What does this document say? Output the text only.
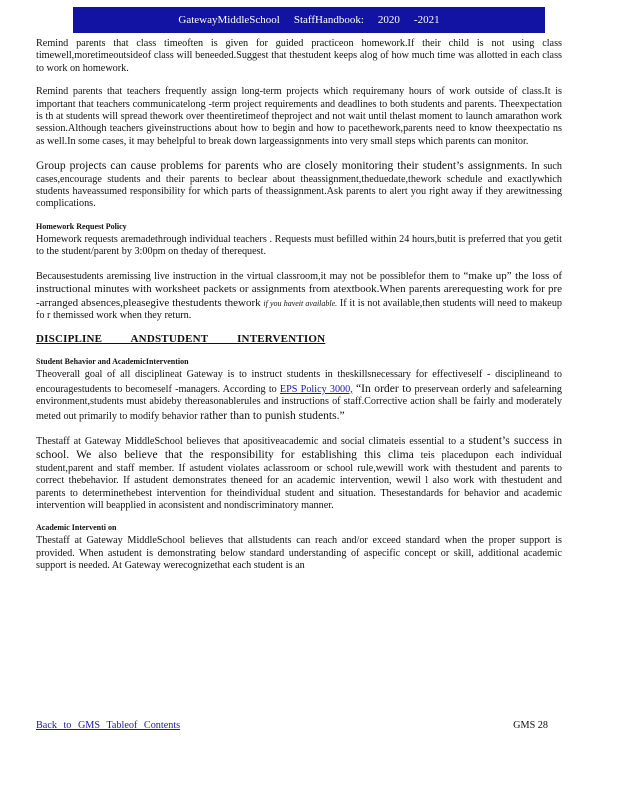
GatewayMiddleSchool StaffHandbook: 2020 -2021

Remind parents that class timeoften is given for guided practiceon homework.If their child is not using class timewell,moretimeoutsideof class will beneeded.Suggest that thestudent keeps alog of how much time was allotted in each class to work on homework.

Remind parents that teachers frequently assign long-term projects which requiremany hours of work outside of class.It is important that teachers communicatelong -term project requirements and deadlines to both students and parents. Theexpectation is th at students will spread thework over theentiretimeof theproject and not wait until thelast moment to launch amarathon work session.Although teachers giveinstructions about how to begin and how to pacethework,parents need to know theexpectatio ns as well.In some cases, it may behelpful to break down largeassignments into very small steps which parents can monitor.

Group projects can cause problems for parents who are closely monitoring their student’s assignments. In such cases,encourage students and their parents to beclear about theassignment,theduedate,thework schedule and exactlywhich students haveassumed responsibility for which parts of theassignment.Ask parents to alert you right away if they arewitnessing complications.

Homework Request Policy

Homework requests aremadethrough individual teachers . Requests must befilled within 24 hours,butit is preferred that you getit to the student/parent by 3:00pm on theday of therequest.

Becausestudents aremissing live instruction in the virtual classroom,it may not be possiblefor them to “make up” the loss of instructional minutes with worksheet packets or assignments from atextbook.When parents arerequesting work for pre -arranged absences,pleasegive thestudents thework if you haveit available. If it is not available,then students will need to makeup fo r themissed work when they return.

DISCIPLINE ANDSTUDENT INTERVENTION
Student Behavior and AcademicIntervention

Theoverall goal of all disciplineat Gateway is to instruct students in theskillsnecessary for effectiveself - disciplineand to encouragestudents to becomeself -managers. According to EPS Policy 3000, “In order to preservean orderly and safelearning environment,students must abideby thereasonablerules and instructions of staff.Corrective action shall be fairly and moderately meted out primarily to modify behavior rather than to punish students.”

Thestaff at Gateway MiddleSchool believes that apositiveacademic and social climateis essential to a student’s success in school. We also believe that the responsibility for establishing this clima teis placedupon each individual student,parent and staff member. If astudent violates aclassroom or school rule,wewill work with thestudent and parents to correct thebehavior. If astudent demonstrates theneed for an academic intervention, wewil l also work with thestudent and parents to determinethebest intervention for theindividual student and situation. Thesestandards for behavior and academic intervention will beapplied in aconsistent and nondiscriminatory manner.

Academic Interventi on

Thestaff at Gateway MiddleSchool believes that allstudents can reach and/or exceed standard when the proper support is provided. When astudent is demonstrating below standard understanding of aspecific concept or skill, additional academic support is needed. At Gateway werecognizethat each student is an

Back to GMS Tableof Contents	GMS 28
